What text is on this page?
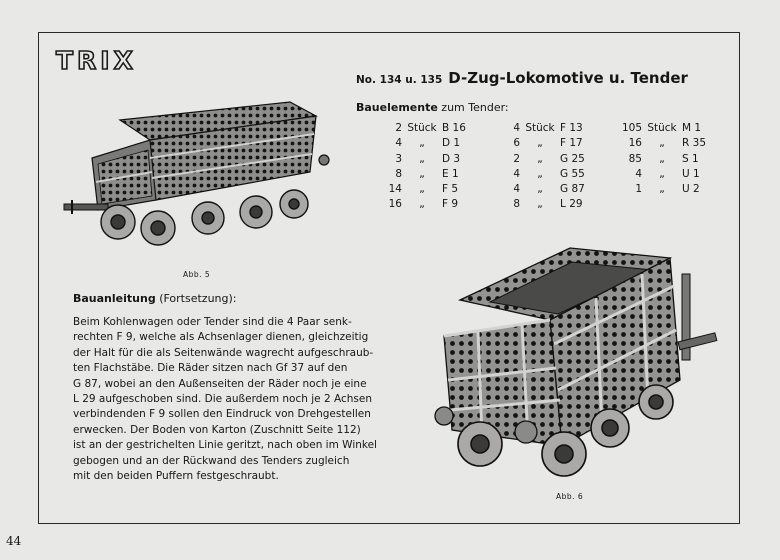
TRIX
No. 134 u. 135 D-Zug-Lokomotive u. Tender
Bauelemente zum Tender:
2 Stück B 16
4	„	D 1
3	„	D 3
8	„	E 1
14	„	F 5
16	„	F 9
4 Stück F 13
6	„	F 17
2	„	G 25
4	„	G 55
4	„	G 87
8	„	L 29
105 Stück M 1
16	„	R 35
85	„	S 1
4	„	U 1
1	„	U 2
Abb. 5
Bauanleitung (Fortsetzung):
Beim Kohlenwagen oder Tender sind die 4 Paar senk-
rechten F 9, welche als Achsenlager dienen, gleichzeitig
der Halt für die als Seitenwände wagrecht aufgeschraub-
ten Flachstäbe. Die Räder sitzen nach Gf 37 auf den
G 87, wobei an den Außenseiten der Räder noch je eine
L 29 aufgeschoben sind. Die außerdem noch je 2 Achsen
verbindenden F 9 sollen den Eindruck von Drehgestellen
erwecken. Der Boden von Karton (Zuschnitt Seite 112)
ist an der gestrichelten Linie geritzt, nach oben im Winkel
gebogen und an der Rückwand des Tenders zugleich
mit den beiden Puffern festgeschraubt.
Abb. 6
44
